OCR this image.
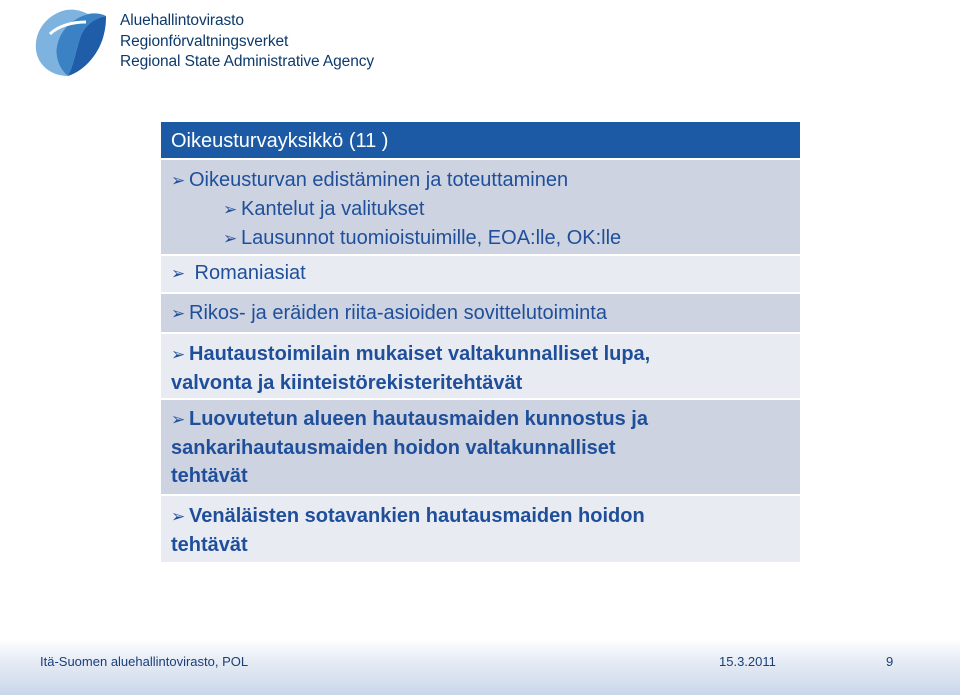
Aluehallintovirasto
Regionförvaltningsverket
Regional State Administrative Agency
Oikeusturvayksikkö (11 )
➢ Oikeusturvan edistäminen ja toteuttaminen
➢ Kantelut ja valitukset
➢ Lausunnot tuomioistuimille, EOA:lle, OK:lle
➢ Romaniasiat
➢ Rikos- ja eräiden riita-asioiden sovittelutoiminta
➢ Hautaustoimilain mukaiset valtakunnalliset lupa,
valvonta ja kiinteistörekisteritehtävät
➢ Luovutetun alueen hautausmaiden kunnostus ja
sankarihautausmaiden hoidon valtakunnalliset
tehtävät
➢ Venäläisten sotavankien hautausmaiden hoidon
tehtävät
Itä-Suomen aluehallintovirasto, POL	15.3.2011	9
